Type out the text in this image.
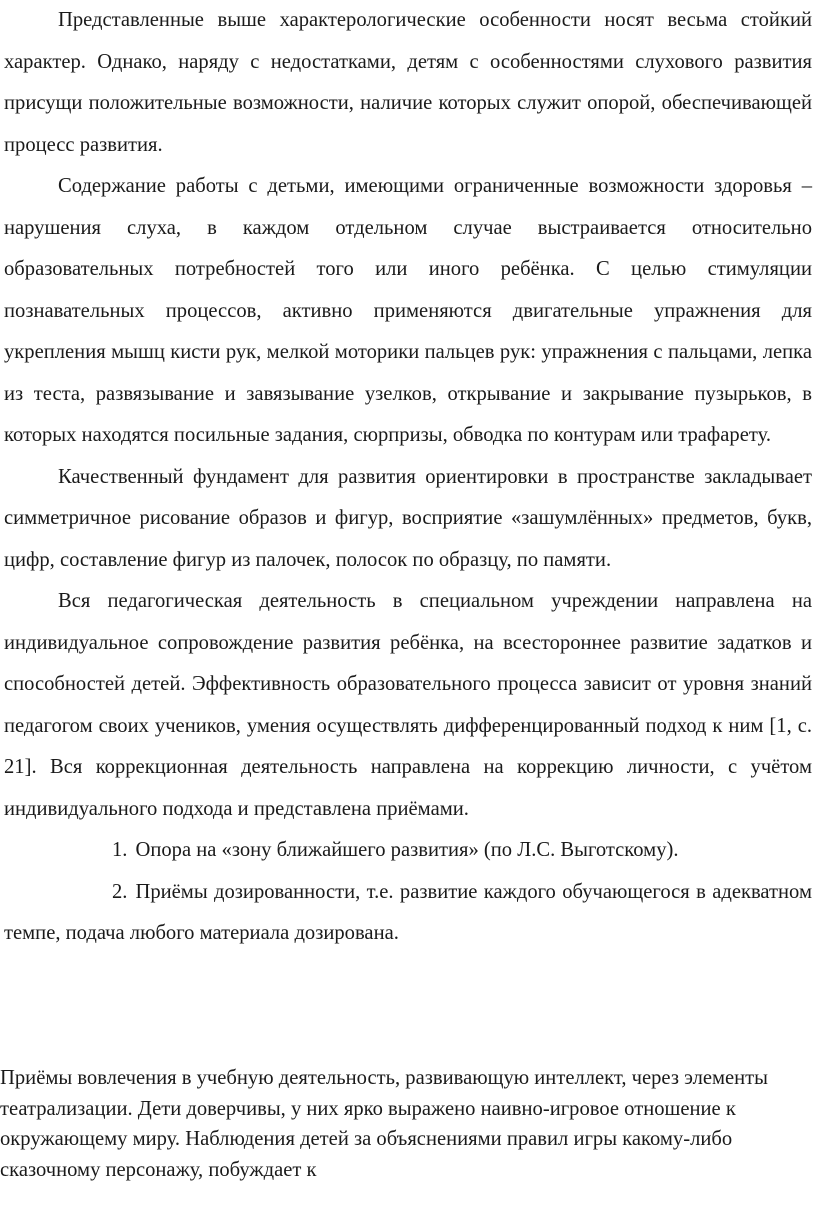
Представленные выше характерологические особенности носят весьма стойкий характер. Однако, наряду с недостатками, детям с особенностями слухового развития присущи положительные возможности, наличие которых служит опорой, обеспечивающей процесс развития.

Содержание работы с детьми, имеющими ограниченные возможности здоровья – нарушения слуха, в каждом отдельном случае выстраивается относительно образовательных потребностей того или иного ребёнка. С целью стимуляции познавательных процессов, активно применяются двигательные упражнения для укрепления мышц кисти рук, мелкой моторики пальцев рук: упражнения с пальцами, лепка из теста, развязывание и завязывание узелков, открывание и закрывание пузырьков, в которых находятся посильные задания, сюрпризы, обводка по контурам или трафарету.

Качественный фундамент для развития ориентировки в пространстве закладывает симметричное рисование образов и фигур, восприятие «зашумлённых» предметов, букв, цифр, составление фигур из палочек, полосок по образцу, по памяти.

Вся педагогическая деятельность в специальном учреждении направлена на индивидуальное сопровождение развития ребёнка, на всестороннее развитие задатков и способностей детей. Эффективность образовательного процесса зависит от уровня знаний педагогом своих учеников, умения осуществлять дифференцированный подход к ним [1, с. 21]. Вся коррекционная деятельность направлена на коррекцию личности, с учётом индивидуального подхода и представлена приёмами.

1. Опора на «зону ближайшего развития» (по Л.С. Выготскому).

2. Приёмы дозированности, т.е. развитие каждого обучающегося в адекватном темпе, подача любого материала дозирована.

Приёмы вовлечения в учебную деятельность, развивающую интеллект, через элементы театрализации. Дети доверчивы, у них ярко выражено наивно-игровое отношение к окружающему миру. Наблюдения детей за объяснениями правил игры какому-либо сказочному персонажу, побуждает к
